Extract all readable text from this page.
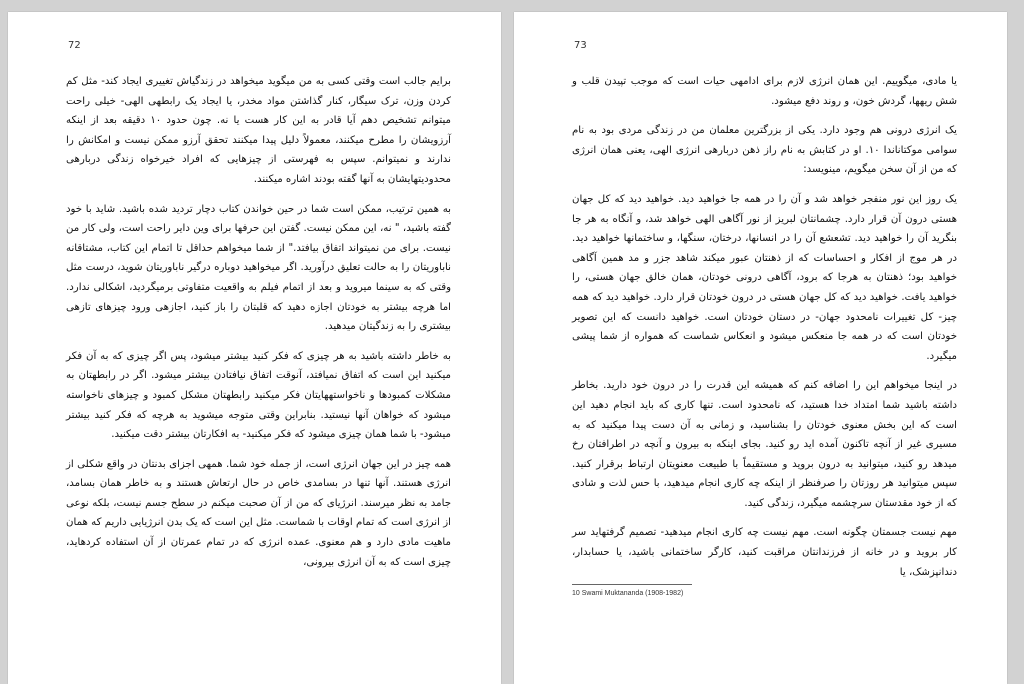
72

برایم جالب است وقتی کسی به من میگوید میخواهد در زندگیاش تغییری ایجاد کند- مثل کم کردن وزن، ترک سیگار، کنار گذاشتن مواد مخدر، یا ایجاد یک رابطهی الهی- خیلی راحت میتوانم تشخیص دهم آیا قادر به این کار هست یا نه. چون حدود ۱۰ دقیقه بعد از اینکه آرزویشان را مطرح میکنند، معمولاً دلیل پیدا میکنند تحقق آرزو ممکن نیست و امکانش را ندارند و نمیتوانم. سپس به فهرستی از چیزهایی که افراد خیرخواه زندگی دربارهی محدودیتهایشان به آنها گفته بودند اشاره میکنند.

به همین ترتیب، ممکن است شما در حین خواندن کتاب دچار تردید شده باشید. شاید با خود گفته باشید، " نه، این ممکن نیست. گفتن این حرفها برای وین دایر راحت است، ولی کار من نیست. برای من نمیتواند اتفاق بیافتد." از شما میخواهم حداقل تا اتمام این کتاب، مشتاقانه ناباوریتان را به حالت تعلیق درآورید. اگر میخواهید دوباره درگیر ناباوریتان شوید، درست مثل وقتی که به سینما میروید و بعد از اتمام فیلم به واقعیت متفاوتی برمیگردید، اشکالی ندارد. اما هرچه بیشتر به خودتان اجازه دهید که قلبتان را باز کنید، اجازهی ورود چیزهای تازهی بیشتری را به زندگیتان میدهید.

به خاطر داشته باشید به هر چیزی که فکر کنید بیشتر میشود، پس اگر چیزی که به آن فکر میکنید این است که اتفاق نمیافتد، آنوقت اتفاق نیافتادن بیشتر میشود. اگر در رابطهتان به مشکلات کمبودها و ناخواستههایتان فکر میکنید رابطهتان مشکل کمبود و چیزهای ناخواسته میشود که خواهان آنها نیستید. بنابراین وقتی متوجه میشوید به هرچه که فکر کنید بیشتر میشود- با شما همان چیزی میشود که فکر میکنید- به افکارتان بیشتر دقت میکنید.

همه چیز در این جهان انرژی است، از جمله خود شما. همهی اجزای بدنتان در واقع شکلی از انرژی هستند. آنها تنها در بسامدی خاص در حال ارتعاش هستند و به خاطر همان بسامد، جامد به نظر میرسند. انرژیای که من از آن صحبت میکنم در سطح جسم نیست، بلکه نوعی از انرژی است که تمام اوقات با شماست. مثل این است که یک بدن انرژیایی داریم که همان ماهیت مادی دارد و هم معنوی. عمده انرژی که در تمام عمرتان از آن استفاده کردهاید، چیزی است که به آن انرژی بیرونی،

73

یا مادی، میگوییم. این همان انرژی لازم برای ادامهی حیات است که موجب تپیدن قلب و شش ریهها، گردش خون، و روند دفع میشود.

یک انرژی درونی هم وجود دارد. یکی از بزرگترین معلمان من در زندگی مردی بود به نام سوامی موکتاناندا ۱۰. او در کتابش به نام راز ذهن دربارهی انرژی الهی، یعنی همان انرژی که من از آن سخن میگویم، مینویسد:

یک روز این نور منفجر خواهد شد و آن را در همه جا خواهید دید. خواهید دید که کل جهان هستی درون آن قرار دارد. چشمانتان لبریز از نور آگاهی الهی خواهد شد، و آنگاه به هر جا بنگرید آن را خواهید دید. تشعشع آن را در انسانها، درختان، سنگها، و ساختمانها خواهید دید. در هر موج از افکار و احساسات که از ذهنتان عبور میکند شاهد جزر و مد همین آگاهی خواهید بود؛ ذهنتان به هرجا که برود، آگاهی درونی خودتان، همان خالق جهان هستی، را خواهید یافت. خواهید دید که کل جهان هستی در درون خودتان قرار دارد. خواهید دید که همه چیز- کل تغییرات نامحدود جهان- در دستان خودتان است. خواهید دانست که این تصویر خودتان است که در همه جا منعکس میشود و انعکاس شماست که همواره از شما پیشی میگیرد.

در اینجا میخواهم این را اضافه کنم که همیشه این قدرت را در درون خود دارید. بخاطر داشته باشید شما امتداد خدا هستید، که نامحدود است. تنها کاری که باید انجام دهید این است که این بخش معنوی خودتان را بشناسید، و زمانی به آن دست پیدا میکنید که به مسیری غیر از آنچه تاکنون آمده اید رو کنید. بجای اینکه به بیرون و آنچه در اطرافتان رخ میدهد رو کنید، میتوانید به درون بروید و مستقیماً با طبیعت معنویتان ارتباط برقرار کنید. سپس میتوانید هر روزتان را صرفنظر از اینکه چه کاری انجام میدهید، با حس لذت و شادی که از خود مقدستان سرچشمه میگیرد، زندگی کنید.

مهم نیست جسمتان چگونه است. مهم نیست چه کاری انجام میدهید- تصمیم گرفتهاید سر کار بروید و در خانه از فرزندانتان مراقبت کنید، کارگر ساختمانی باشید، یا حسابدار، دندانپزشک، یا

10 Swami Muktananda (1908-1982)
